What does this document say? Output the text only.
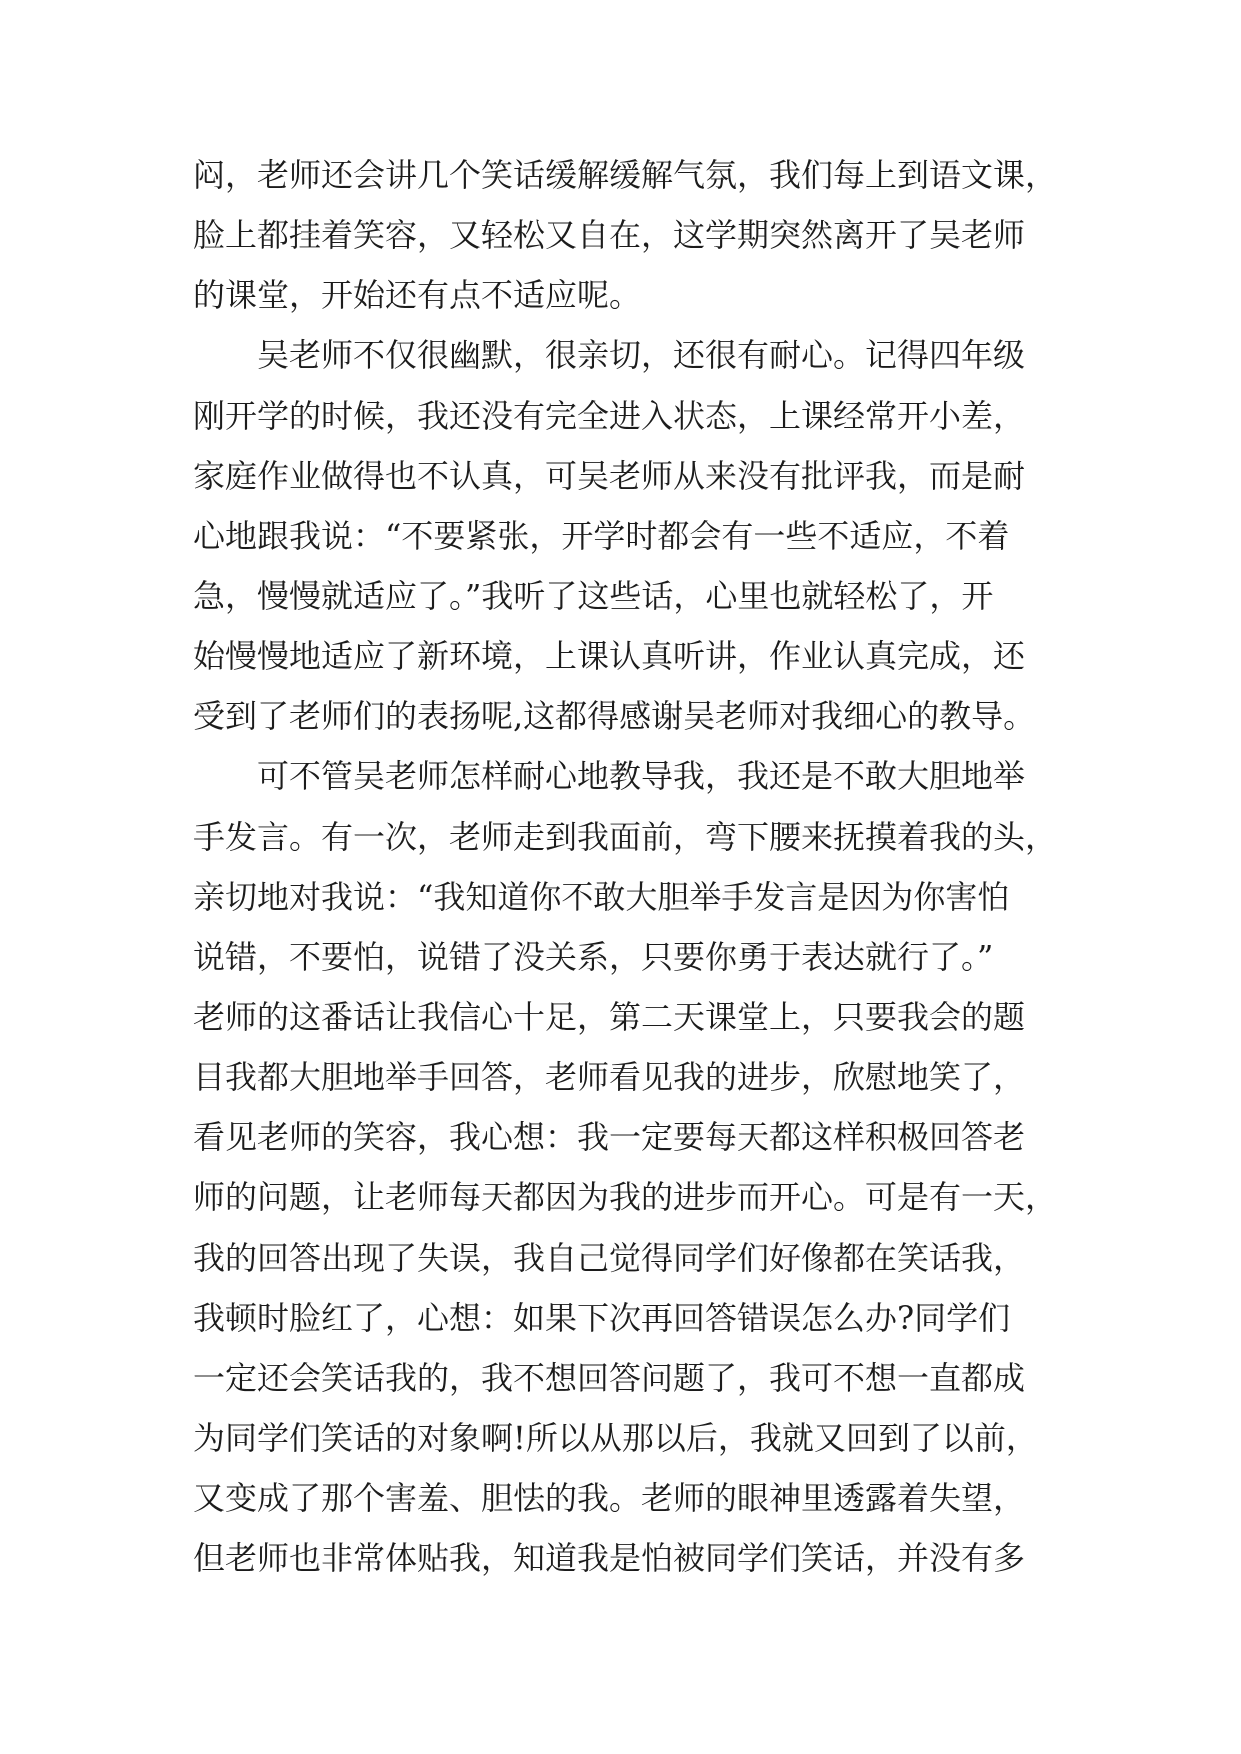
闷，老师还会讲几个笑话缓解缓解气氛，我们每上到语文课，
脸上都挂着笑容，又轻松又自在，这学期突然离开了吴老师
的课堂，开始还有点不适应呢。
　　吴老师不仅很幽默，很亲切，还很有耐心。记得四年级
刚开学的时候，我还没有完全进入状态，上课经常开小差，
家庭作业做得也不认真，可吴老师从来没有批评我，而是耐
心地跟我说：“不要紧张，开学时都会有一些不适应，不着
急，慢慢就适应了。”我听了这些话，心里也就轻松了，开
始慢慢地适应了新环境，上课认真听讲，作业认真完成，还
受到了老师们的表扬呢,这都得感谢吴老师对我细心的教导。
　　可不管吴老师怎样耐心地教导我，我还是不敢大胆地举
手发言。有一次，老师走到我面前，弯下腰来抚摸着我的头，
亲切地对我说：“我知道你不敢大胆举手发言是因为你害怕
说错，不要怕，说错了没关系，只要你勇于表达就行了。”
老师的这番话让我信心十足，第二天课堂上，只要我会的题
目我都大胆地举手回答，老师看见我的进步，欣慰地笑了，
看见老师的笑容，我心想：我一定要每天都这样积极回答老
师的问题，让老师每天都因为我的进步而开心。可是有一天，
我的回答出现了失误，我自己觉得同学们好像都在笑话我，
我顿时脸红了，心想：如果下次再回答错误怎么办?同学们
一定还会笑话我的，我不想回答问题了，我可不想一直都成
为同学们笑话的对象啊!所以从那以后，我就又回到了以前，
又变成了那个害羞、胆怯的我。老师的眼神里透露着失望，
但老师也非常体贴我，知道我是怕被同学们笑话，并没有多
